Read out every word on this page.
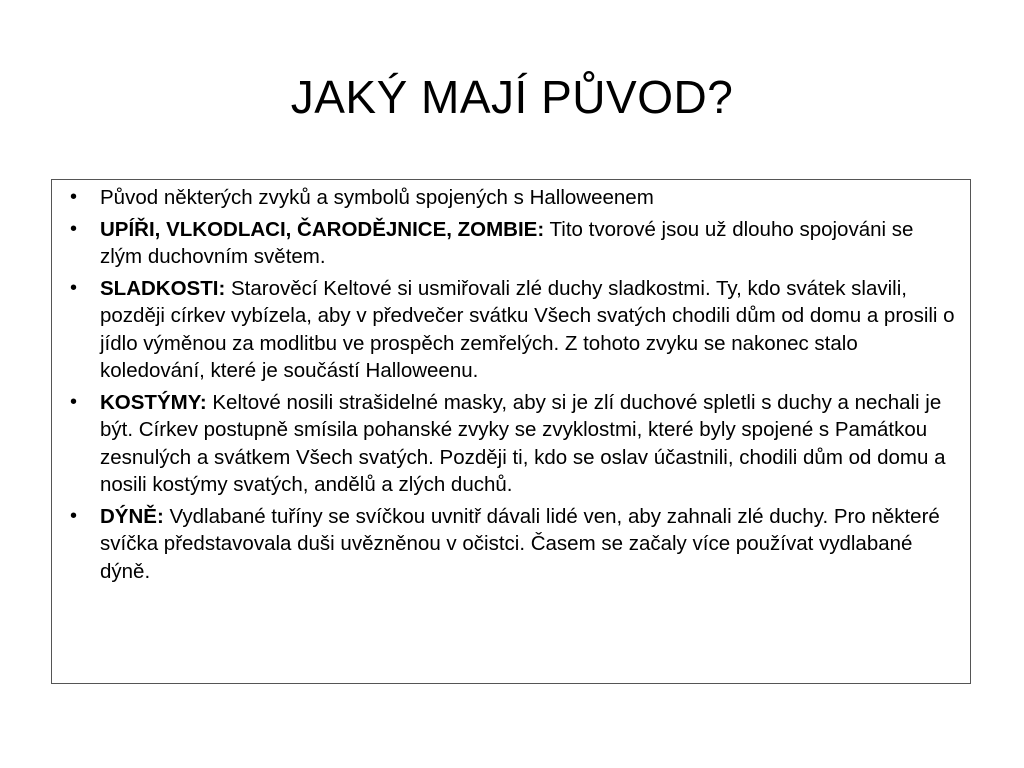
JAKÝ MAJÍ PŮVOD?
• Původ některých zvyků a symbolů spojených s Halloweenem
• UPÍŘI, VLKODLACI, ČARODĚJNICE, ZOMBIE: Tito tvorové jsou už dlouho spojováni se zlým duchovním světem.
• SLADKOSTI: Starověcí Keltové si usmiřovali zlé duchy sladkostmi. Ty, kdo svátek slavili, později církev vybízela, aby v předvečer svátku Všech svatých chodili dům od domu a prosili o jídlo výměnou za modlitbu ve prospěch zemřelých. Z tohoto zvyku se nakonec stalo koledování, které je součástí Halloweenu.
• KOSTÝMY: Keltové nosili strašidelné masky, aby si je zlí duchové spletli s duchy a nechali je být. Církev postupně smísila pohanské zvyky se zvyklostmi, které byly spojené s Památkou zesnulých a svátkem Všech svatých. Později ti, kdo se oslav účastnili, chodili dům od domu a nosili kostýmy svatých, andělů a zlých duchů.
• DÝNĚ: Vydlabané tuříny se svíčkou uvnitř dávali lidé ven, aby zahnali zlé duchy. Pro některé svíčka představovala duši uvězněnou v očistci. Časem se začaly více používat vydlabané dýně.
